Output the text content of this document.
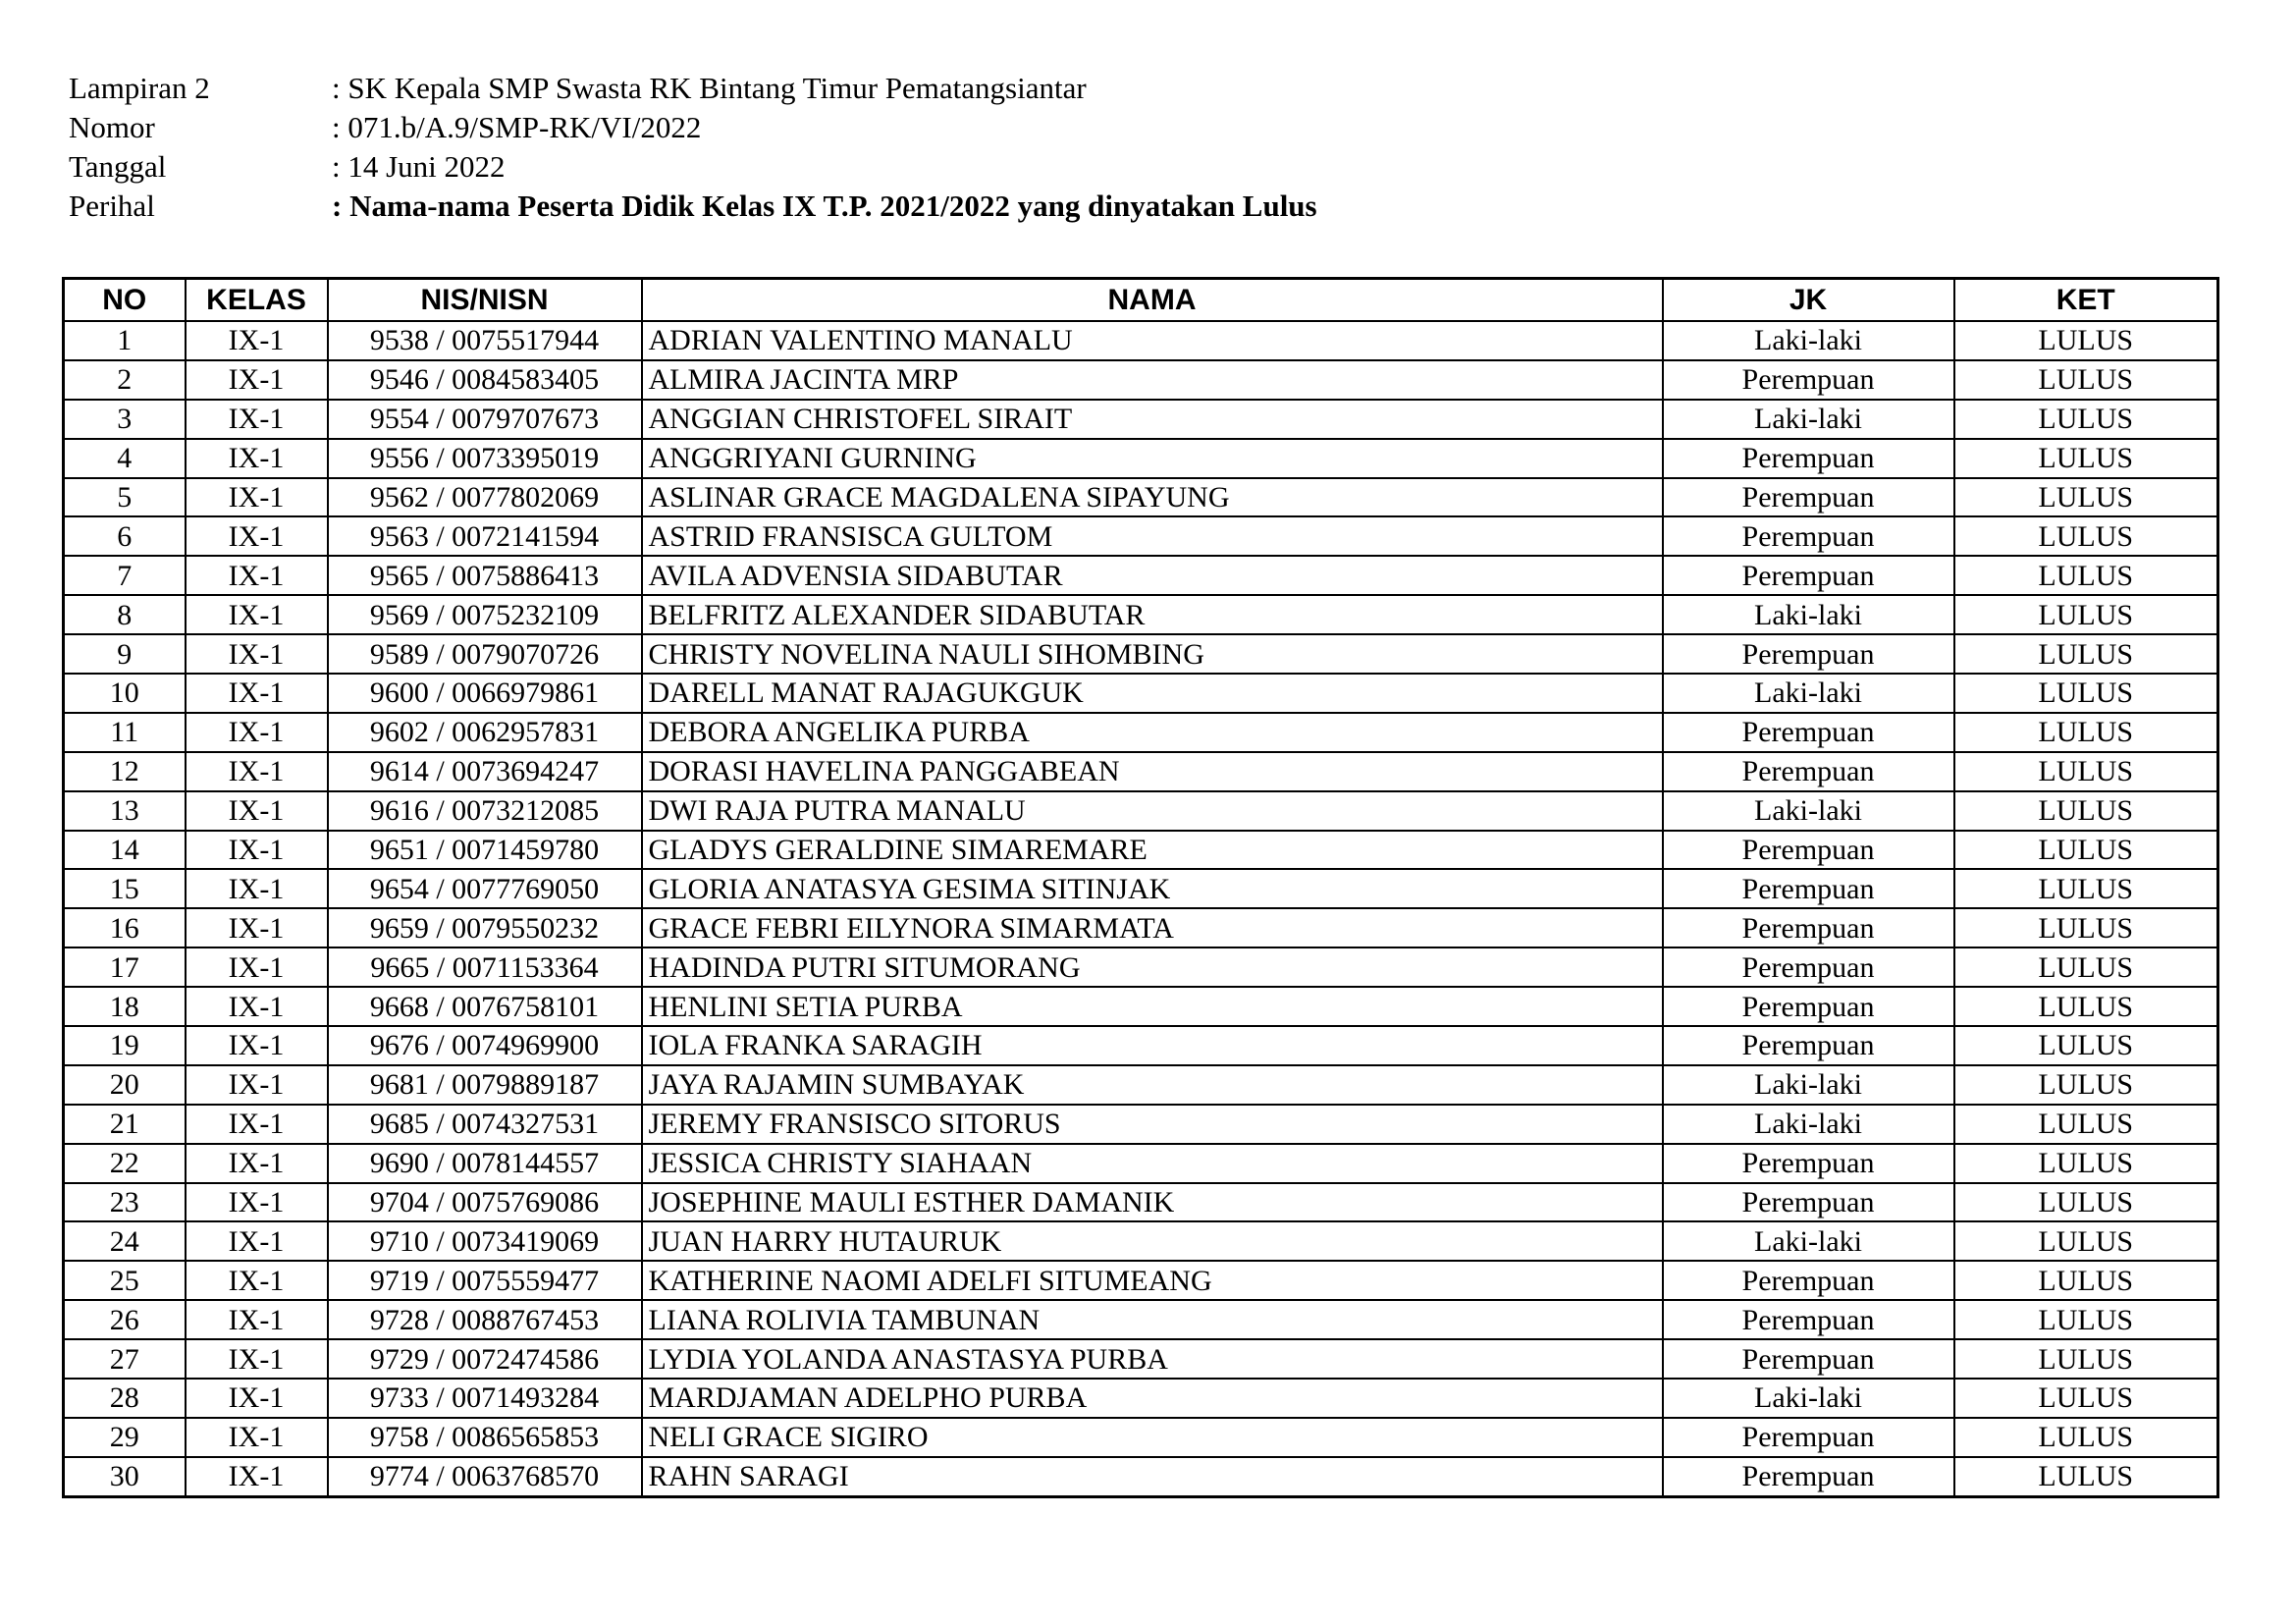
Lampiran 2	: SK Kepala SMP Swasta RK Bintang Timur Pematangsiantar
Nomor	: 071.b/A.9/SMP-RK/VI/2022
Tanggal	: 14 Juni 2022
Perihal	: Nama-nama Peserta Didik Kelas IX T.P. 2021/2022 yang dinyatakan Lulus
NO	KELAS	NIS/NISN	NAMA	JK	KET
1	IX-1	9538 / 0075517944	ADRIAN VALENTINO MANALU	Laki-laki	LULUS
2	IX-1	9546 / 0084583405	ALMIRA JACINTA MRP	Perempuan	LULUS
3	IX-1	9554 / 0079707673	ANGGIAN CHRISTOFEL SIRAIT	Laki-laki	LULUS
4	IX-1	9556 / 0073395019	ANGGRIYANI GURNING	Perempuan	LULUS
5	IX-1	9562 / 0077802069	ASLINAR GRACE MAGDALENA SIPAYUNG	Perempuan	LULUS
6	IX-1	9563 / 0072141594	ASTRID FRANSISCA GULTOM	Perempuan	LULUS
7	IX-1	9565 / 0075886413	AVILA ADVENSIA SIDABUTAR	Perempuan	LULUS
8	IX-1	9569 / 0075232109	BELFRITZ ALEXANDER SIDABUTAR	Laki-laki	LULUS
9	IX-1	9589 / 0079070726	CHRISTY NOVELINA NAULI SIHOMBING	Perempuan	LULUS
10	IX-1	9600 / 0066979861	DARELL MANAT RAJAGUKGUK	Laki-laki	LULUS
11	IX-1	9602 / 0062957831	DEBORA ANGELIKA PURBA	Perempuan	LULUS
12	IX-1	9614 / 0073694247	DORASI HAVELINA PANGGABEAN	Perempuan	LULUS
13	IX-1	9616 / 0073212085	DWI RAJA PUTRA MANALU	Laki-laki	LULUS
14	IX-1	9651 / 0071459780	GLADYS GERALDINE SIMAREMARE	Perempuan	LULUS
15	IX-1	9654 / 0077769050	GLORIA ANATASYA GESIMA SITINJAK	Perempuan	LULUS
16	IX-1	9659 / 0079550232	GRACE FEBRI EILYNORA SIMARMATA	Perempuan	LULUS
17	IX-1	9665 / 0071153364	HADINDA PUTRI SITUMORANG	Perempuan	LULUS
18	IX-1	9668 / 0076758101	HENLINI SETIA PURBA	Perempuan	LULUS
19	IX-1	9676 / 0074969900	IOLA FRANKA SARAGIH	Perempuan	LULUS
20	IX-1	9681 / 0079889187	JAYA RAJAMIN SUMBAYAK	Laki-laki	LULUS
21	IX-1	9685 / 0074327531	JEREMY FRANSISCO SITORUS	Laki-laki	LULUS
22	IX-1	9690 / 0078144557	JESSICA CHRISTY SIAHAAN	Perempuan	LULUS
23	IX-1	9704 / 0075769086	JOSEPHINE MAULI ESTHER DAMANIK	Perempuan	LULUS
24	IX-1	9710 / 0073419069	JUAN HARRY HUTAURUK	Laki-laki	LULUS
25	IX-1	9719 / 0075559477	KATHERINE NAOMI ADELFI SITUMEANG	Perempuan	LULUS
26	IX-1	9728 / 0088767453	LIANA ROLIVIA TAMBUNAN	Perempuan	LULUS
27	IX-1	9729 / 0072474586	LYDIA YOLANDA ANASTASYA PURBA	Perempuan	LULUS
28	IX-1	9733 / 0071493284	MARDJAMAN ADELPHO PURBA	Laki-laki	LULUS
29	IX-1	9758 / 0086565853	NELI GRACE SIGIRO	Perempuan	LULUS
30	IX-1	9774 / 0063768570	RAHN SARAGI	Perempuan	LULUS
